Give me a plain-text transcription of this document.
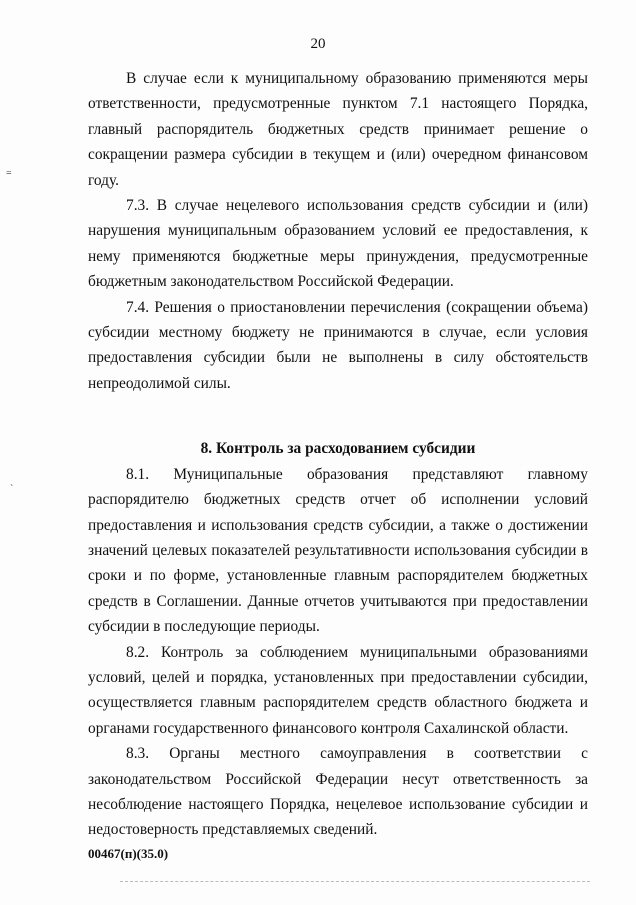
20
=
`

В случае если к муниципальному образованию применяются меры ответственности, предусмотренные пунктом 7.1 настоящего Порядка, главный распорядитель бюджетных средств принимает решение о сокращении размера субсидии в текущем и (или) очередном финансовом году.

7.3. В случае нецелевого использования средств субсидии и (или) нарушения муниципальным образованием условий ее предоставления, к нему применяются бюджетные меры принуждения, предусмотренные бюджетным законодательством Российской Федерации.

7.4. Решения о приостановлении перечисления (сокращении объема) субсидии местному бюджету не принимаются в случае, если условия предоставления субсидии были не выполнены в силу обстоятельств непреодолимой силы.

8. Контроль за расходованием субсидии

8.1. Муниципальные образования представляют главному распорядителю бюджетных средств отчет об исполнении условий предоставления и использования средств субсидии, а также о достижении значений целевых показателей результативности использования субсидии в сроки и по форме, установленные главным распорядителем бюджетных средств в Соглашении. Данные отчетов учитываются при предоставлении субсидии в последующие периоды.

8.2. Контроль за соблюдением муниципальными образованиями условий, целей и порядка, установленных при предоставлении субсидии, осуществляется главным распорядителем средств областного бюджета и органами государственного финансового контроля Сахалинской области.

8.3. Органы местного самоуправления в соответствии с законодательством Российской Федерации несут ответственность за несоблюдение настоящего Порядка, нецелевое использование субсидии и недостоверность представляемых сведений.

00467(п)(35.0)
